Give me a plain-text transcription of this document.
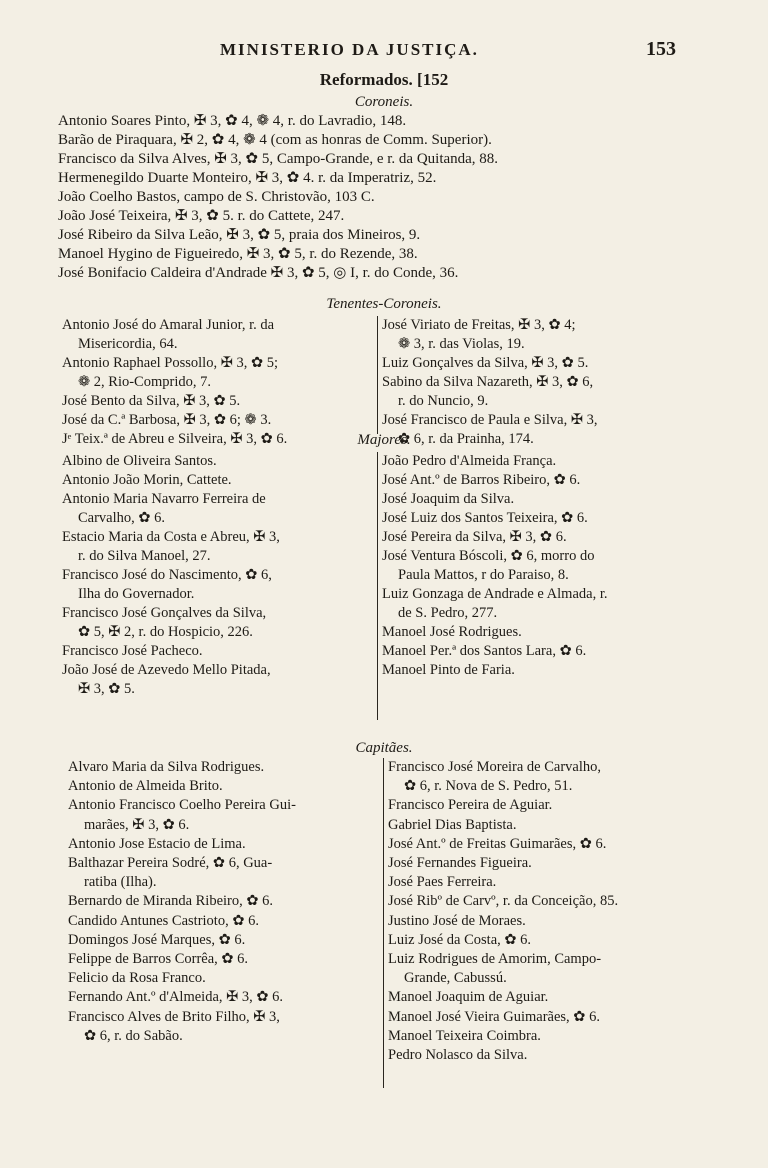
MINISTERIO DA JUSTIÇA.	153
Reformados. [152
Coroneis.
Antonio Soares Pinto, ✠ 3, ✿ 4, ❁ 4, r. do Lavradio, 148.
Barão de Piraquara, ✠ 2, ✿ 4, ❁ 4 (com as honras de Comm. Superior).
Francisco da Silva Alves, ✠ 3, ✿ 5, Campo-Grande, e r. da Quitanda, 88.
Hermenegildo Duarte Monteiro, ✠ 3, ✿ 4. r. da Imperatriz, 52.
João Coelho Bastos, campo de S. Christovão, 103 C.
João José Teixeira, ✠ 3, ✿ 5. r. do Cattete, 247.
José Ribeiro da Silva Leão, ✠ 3, ✿ 5, praia dos Mineiros, 9.
Manoel Hygino de Figueiredo, ✠ 3, ✿ 5, r. do Rezende, 38.
José Bonifacio Caldeira d'Andrade ✠ 3, ✿ 5, ◎ I, r. do Conde, 36.
Tenentes-Coroneis.
Antonio José do Amaral Junior, r. da
Misericordia, 64.
Antonio Raphael Possollo, ✠ 3, ✿ 5;
❁ 2, Rio-Comprido, 7.
José Bento da Silva, ✠ 3, ✿ 5.
José da C.ª Barbosa, ✠ 3, ✿ 6; ❁ 3.
Jᵉ Teix.ª de Abreu e Silveira, ✠ 3, ✿ 6.
José Viriato de Freitas, ✠ 3, ✿ 4;
❁ 3, r. das Violas, 19.
Luiz Gonçalves da Silva, ✠ 3, ✿ 5.
Sabino da Silva Nazareth, ✠ 3, ✿ 6,
r. do Nuncio, 9.
José Francisco de Paula e Silva, ✠ 3,
✿ 6, r. da Prainha, 174.
Majores.
Albino de Oliveira Santos.
Antonio João Morin, Cattete.
Antonio Maria Navarro Ferreira de
Carvalho, ✿ 6.
Estacio Maria da Costa e Abreu, ✠ 3,
r. do Silva Manoel, 27.
Francisco José do Nascimento, ✿ 6,
Ilha do Governador.
Francisco José Gonçalves da Silva,
✿ 5, ✠ 2, r. do Hospicio, 226.
Francisco José Pacheco.
João José de Azevedo Mello Pitada,
✠ 3, ✿ 5.
João Pedro d'Almeida França.
José Ant.º de Barros Ribeiro, ✿ 6.
José Joaquim da Silva.
José Luiz dos Santos Teixeira, ✿ 6.
José Pereira da Silva, ✠ 3, ✿ 6.
José Ventura Bóscoli, ✿ 6, morro do
Paula Mattos, r do Paraiso, 8.
Luiz Gonzaga de Andrade e Almada, r.
de S. Pedro, 277.
Manoel José Rodrigues.
Manoel Per.ª dos Santos Lara, ✿ 6.
Manoel Pinto de Faria.
Capitães.
Alvaro Maria da Silva Rodrigues.
Antonio de Almeida Brito.
Antonio Francisco Coelho Pereira Gui-
marães, ✠ 3, ✿ 6.
Antonio Jose Estacio de Lima.
Balthazar Pereira Sodré, ✿ 6, Gua-
ratiba (Ilha).
Bernardo de Miranda Ribeiro, ✿ 6.
Candido Antunes Castrioto, ✿ 6.
Domingos José Marques, ✿ 6.
Felippe de Barros Corrêa, ✿ 6.
Felicio da Rosa Franco.
Fernando Ant.º d'Almeida, ✠ 3, ✿ 6.
Francisco Alves de Brito Filho, ✠ 3,
✿ 6, r. do Sabão.
Francisco José Moreira de Carvalho,
✿ 6, r. Nova de S. Pedro, 51.
Francisco Pereira de Aguiar.
Gabriel Dias Baptista.
José Ant.º de Freitas Guimarães, ✿ 6.
José Fernandes Figueira.
José Paes Ferreira.
José Ribº de Carvº, r. da Conceição, 85.
Justino José de Moraes.
Luiz José da Costa, ✿ 6.
Luiz Rodrigues de Amorim, Campo-
Grande, Cabussú.
Manoel Joaquim de Aguiar.
Manoel José Vieira Guimarães, ✿ 6.
Manoel Teixeira Coimbra.
Pedro Nolasco da Silva.
